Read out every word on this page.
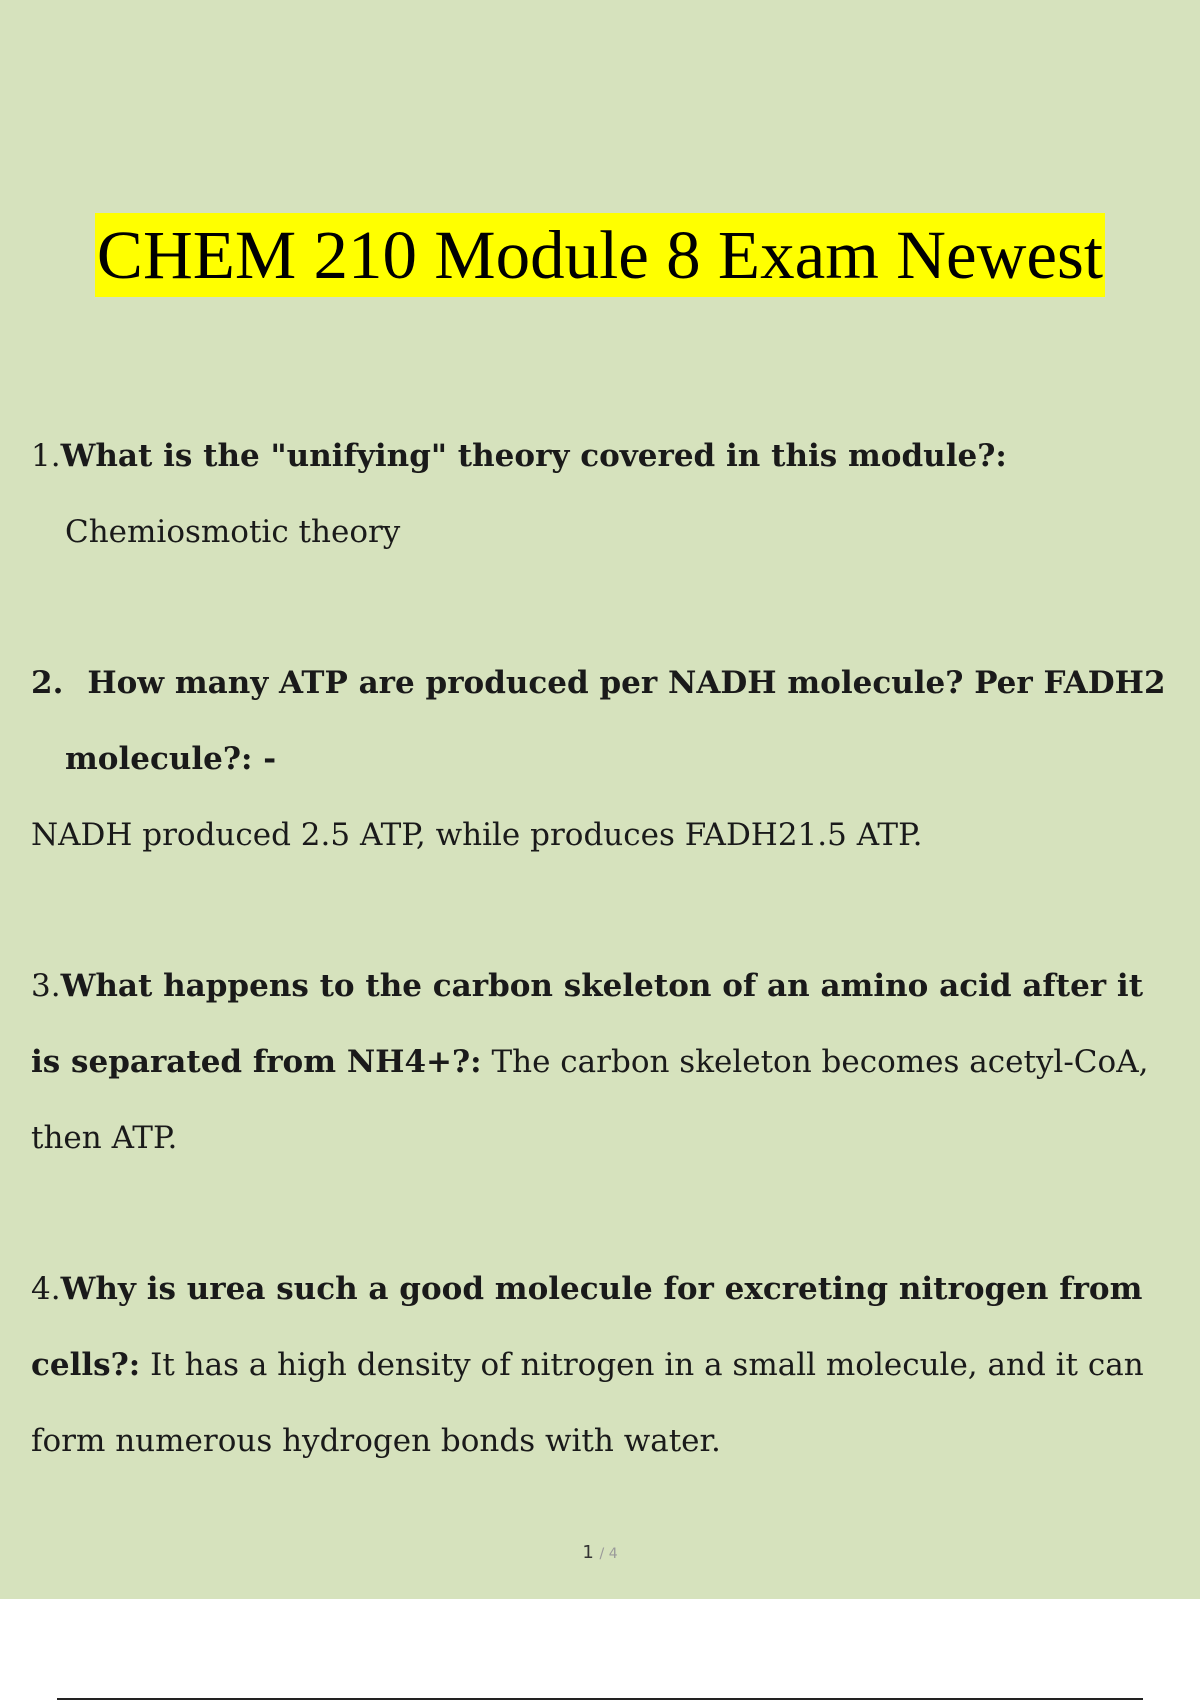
CHEM 210 Module 8 Exam Newest
1.What is the "unifying" theory covered in this module?:
Chemiosmotic theory
2. How many ATP are produced per NADH molecule? Per FADH2
molecule?: -
NADH produced 2.5 ATP, while produces FADH21.5 ATP.
3.What happens to the carbon skeleton of an amino acid after it
is separated from NH4+?: The carbon skeleton becomes acetyl-CoA,
then ATP.
4.Why is urea such a good molecule for excreting nitrogen from
cells?: It has a high density of nitrogen in a small molecule, and it can
form numerous hydrogen bonds with water.
1 / 4
